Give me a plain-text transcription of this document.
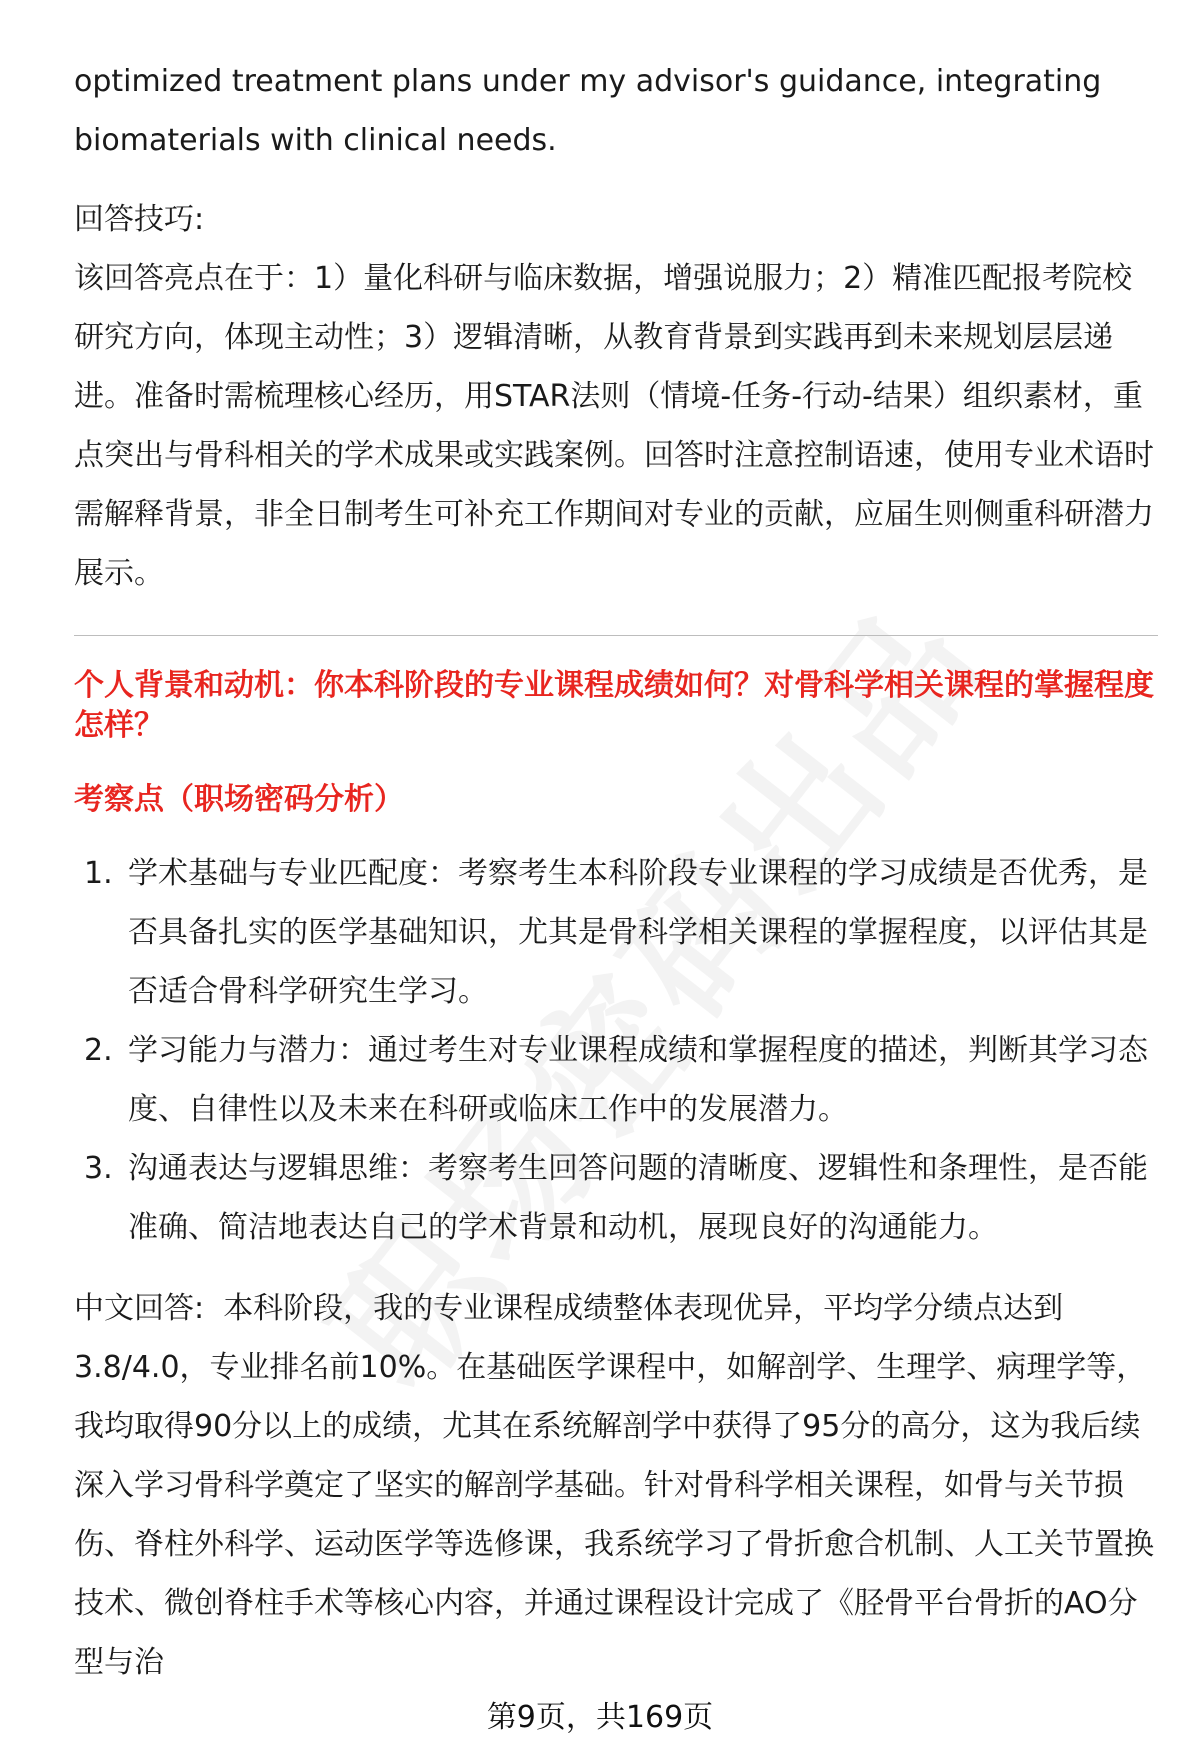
optimized treatment plans under my advisor's guidance, integrating

biomaterials with clinical needs.

回答技巧:

该回答亮点在于：1）量化科研与临床数据，增强说服力；2）精准匹配报考院校研究方向，体现主动性；3）逻辑清晰，从教育背景到实践再到未来规划层层递进。准备时需梳理核心经历，用STAR法则（情境-任务-行动-结果）组织素材，重点突出与骨科相关的学术成果或实践案例。回答时注意控制语速，使用专业术语时需解释背景，非全日制考生可补充工作期间对专业的贡献，应届生则侧重科研潜力展示。

个人背景和动机：你本科阶段的专业课程成绩如何？对骨科学相关课程的掌握程度怎样？

考察点（职场密码分析）

1. 学术基础与专业匹配度：考察考生本科阶段专业课程的学习成绩是否优秀，是否具备扎实的医学基础知识，尤其是骨科学相关课程的掌握程度，以评估其是否适合骨科学研究生学习。
2. 学习能力与潜力：通过考生对专业课程成绩和掌握程度的描述，判断其学习态度、自律性以及未来在科研或临床工作中的发展潜力。
3. 沟通表达与逻辑思维：考察考生回答问题的清晰度、逻辑性和条理性，是否能准确、简洁地表达自己的学术背景和动机，展现良好的沟通能力。

中文回答: 本科阶段，我的专业课程成绩整体表现优异，平均学分绩点达到

3.8/4.0，专业排名前10%。在基础医学课程中，如解剖学、生理学、病理学等，我均取得90分以上的成绩，尤其在系统解剖学中获得了95分的高分，这为我后续深入学习骨科学奠定了坚实的解剖学基础。针对骨科学相关课程，如骨与关节损伤、脊柱外科学、运动医学等选修课，我系统学习了骨折愈合机制、人工关节置换技术、微创脊柱手术等核心内容，并通过课程设计完成了《胫骨平台骨折的AO分型与治

第9页，共169页
